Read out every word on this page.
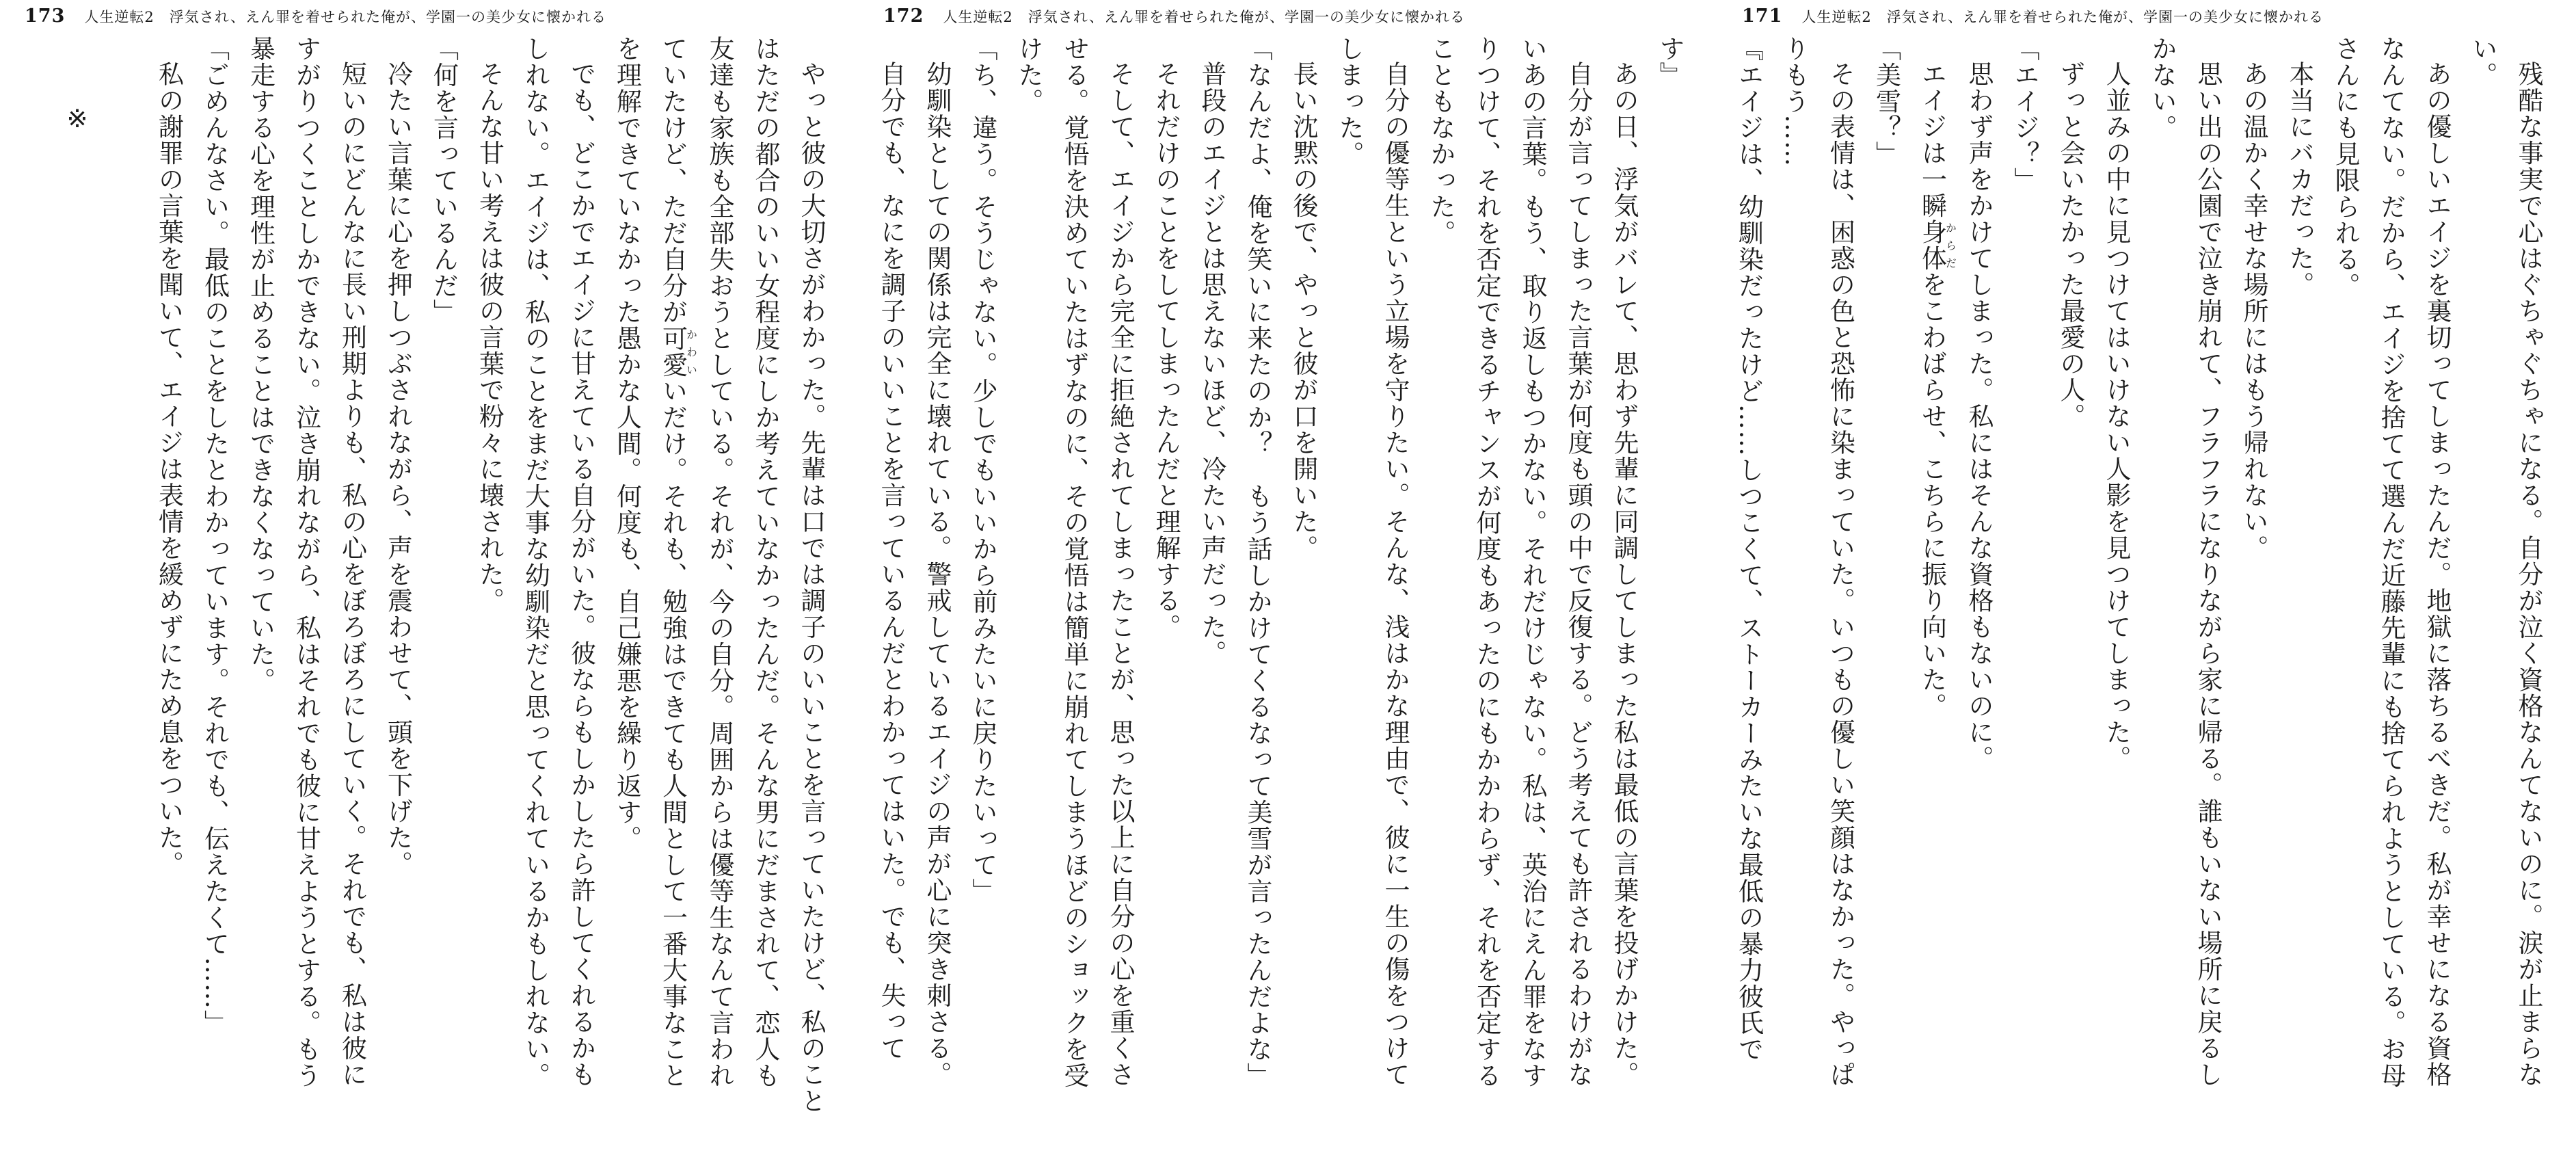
173 人生逆転2　浮気され、えん罪を着せられた俺が、学園一の美少女に懐かれる

やっと彼の大切さがわかった。先輩は口では調子のいいことを言っていたけど、私のこと

はただの都合のいい女程度にしか考えていなかったんだ。そんな男にだまされて、恋人も

友達も家族も全部失おうとしている。それが、今の自分。周囲からは優等生なんて言われ

ていたけど、ただ自分が可愛かわいいだけ。それも、勉強はできても人間として一番大事なこと

を理解できていなかった愚かな人間。何度も、自己嫌悪を繰り返す。

でも、どこかでエイジに甘えている自分がいた。彼ならもしかしたら許してくれるかも

しれない。エイジは、私のことをまだ大事な幼馴染だと思ってくれているかもしれない。

そんな甘い考えは彼の言葉で粉々に壊された。

「何を言っているんだ」

冷たい言葉に心を押しつぶされながら、声を震わせて、頭を下げた。

短いのにどんなに長い刑期よりも、私の心をぼろぼろにしていく。それでも、私は彼に

すがりつくことしかできない。泣き崩れながら、私はそれでも彼に甘えようとする。もう

暴走する心を理性が止めることはできなくなっていた。

「ごめんなさい。最低のことをしたとわかっています。それでも、伝えたくて……」

私の謝罪の言葉を聞いて、エイジは表情を緩めずにため息をついた。

※

172 人生逆転2　浮気され、えん罪を着せられた俺が、学園一の美少女に懐かれる

す』

あの日、浮気がバレて、思わず先輩に同調してしまった私は最低の言葉を投げかけた。

自分が言ってしまった言葉が何度も頭の中で反復する。どう考えても許されるわけがな

いあの言葉。もう、取り返しもつかない。それだけじゃない。私は、英治にえん罪をなす

りつけて、それを否定できるチャンスが何度もあったのにもかかわらず、それを否定する

こともなかった。

自分の優等生という立場を守りたい。そんな、浅はかな理由で、彼に一生の傷をつけて

しまった。

長い沈黙の後で、やっと彼が口を開いた。

「なんだよ、俺を笑いに来たのか？　もう話しかけてくるなって美雪が言ったんだよな」

普段のエイジとは思えないほど、冷たい声だった。

それだけのことをしてしまったんだと理解する。

そして、エイジから完全に拒絶されてしまったことが、思った以上に自分の心を重くさ

せる。覚悟を決めていたはずなのに、その覚悟は簡単に崩れてしまうほどのショックを受

けた。

「ち、違う。そうじゃない。少しでもいいから前みたいに戻りたいって」

幼馴染としての関係は完全に壊れている。警戒しているエイジの声が心に突き刺さる。

自分でも、なにを調子のいいことを言っているんだとわかってはいた。でも、失って

171 人生逆転2　浮気され、えん罪を着せられた俺が、学園一の美少女に懐かれる

残酷な事実で心はぐちゃぐちゃになる。自分が泣く資格なんてないのに。涙が止まらな

い。

あの優しいエイジを裏切ってしまったんだ。地獄に落ちるべきだ。私が幸せになる資格

なんてない。だから、エイジを捨てて選んだ近藤先輩にも捨てられようとしている。お母

さんにも見限られる。

本当にバカだった。

あの温かく幸せな場所にはもう帰れない。

思い出の公園で泣き崩れて、フラフラになりながら家に帰る。誰もいない場所に戻るし

かない。

人並みの中に見つけてはいけない人影を見つけてしまった。

ずっと会いたかった最愛の人。

「エイジ？」

思わず声をかけてしまった。私にはそんな資格もないのに。

エイジは一瞬身体からだをこわばらせ、こちらに振り向いた。

「美雪？」

その表情は、困惑の色と恐怖に染まっていた。いつもの優しい笑顔はなかった。やっぱ

りもう……

『エイジは、幼馴染だったけど……しつこくて、ストーカーみたいな最低の暴力彼氏で
